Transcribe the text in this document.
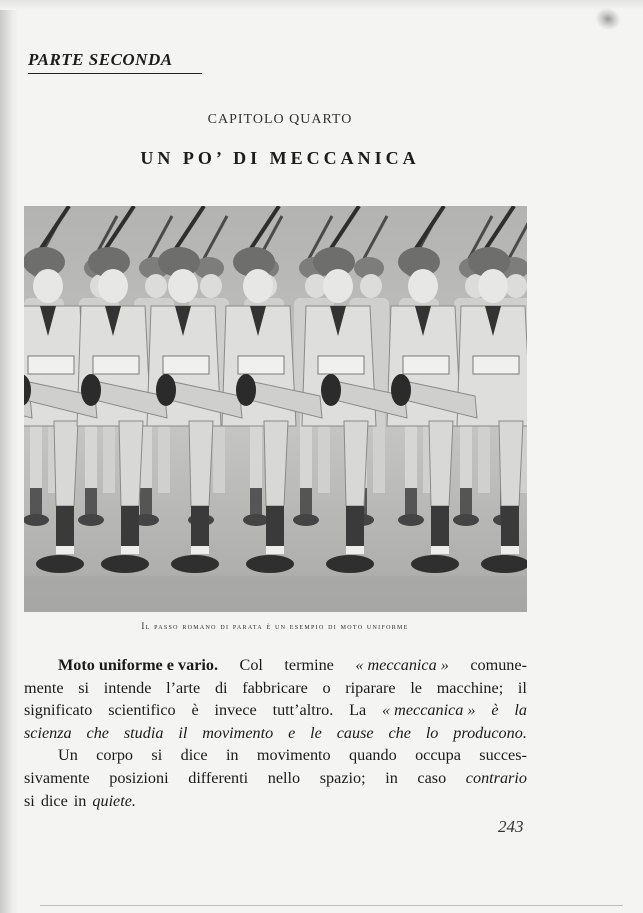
PARTE SECONDA
CAPITOLO QUARTO
UN PO’ DI MECCANICA
Il passo romano di parata è un esempio di moto uniforme
Moto uniforme e vario. Col termine « meccanica » comune-
mente si intende l’arte di fabbricare o riparare le macchine; il
significato scientifico è invece tutt’altro. La « meccanica » è la
scienza che studia il movimento e le cause che lo producono.
Un corpo si dice in movimento quando occupa succes-
sivamente posizioni differenti nello spazio; in caso contrario
si dice in quiete.
243
